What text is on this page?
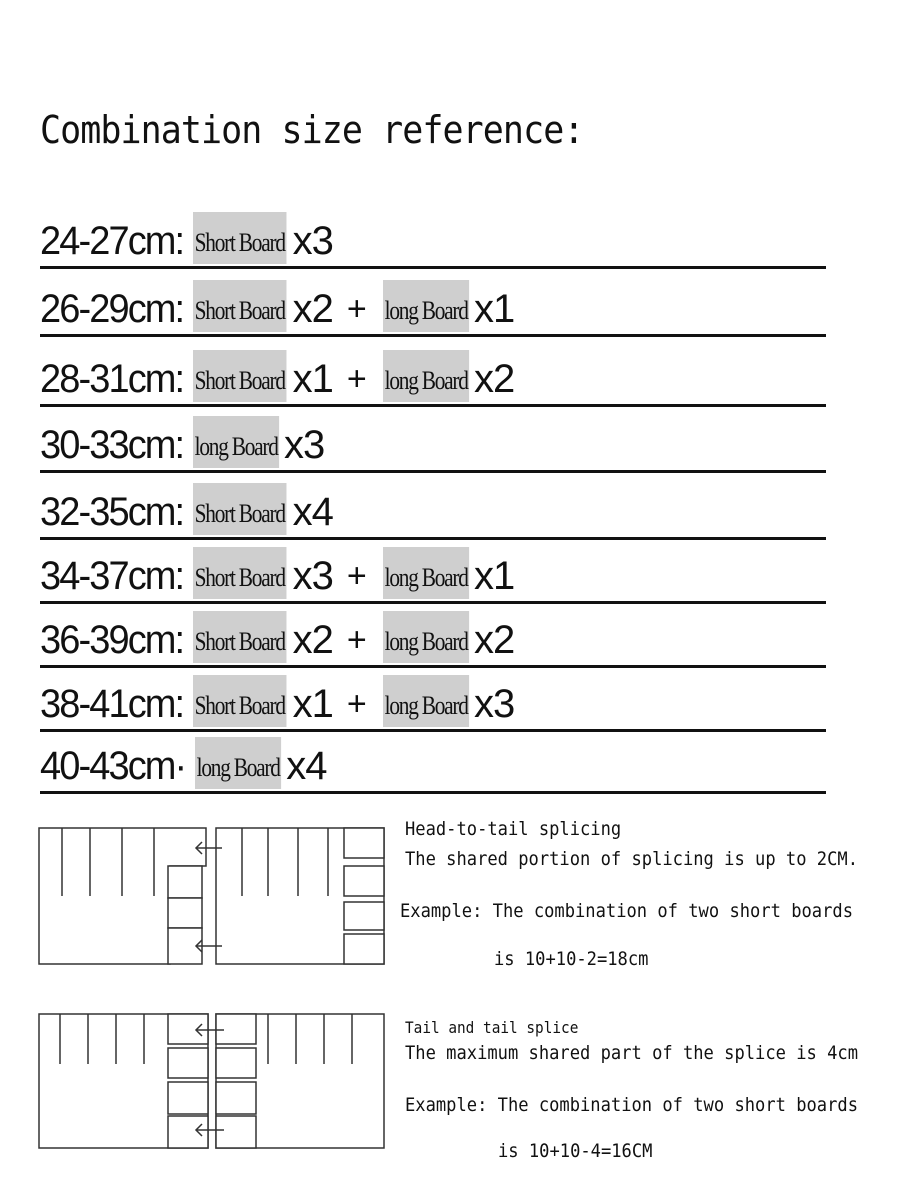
Combination size reference:
24-27cm: Short Board x3
26-29cm: Short Board x2 + long Board x1
28-31cm: Short Board x1 + long Board x2
30-33cm: long Board x3
32-35cm: Short Board x4
34-37cm: Short Board x3 + long Board x1
36-39cm: Short Board x2 + long Board x2
38-41cm: Short Board x1 + long Board x3
40-43cm· long Board x4
Head-to-tail splicing
The shared portion of splicing is up to 2CM.
Example: The combination of two short boards
is 10+10-2=18cm
Tail and tail splice
The maximum shared part of the splice is 4cm
Example: The combination of two short boards
is 10+10-4=16CM
